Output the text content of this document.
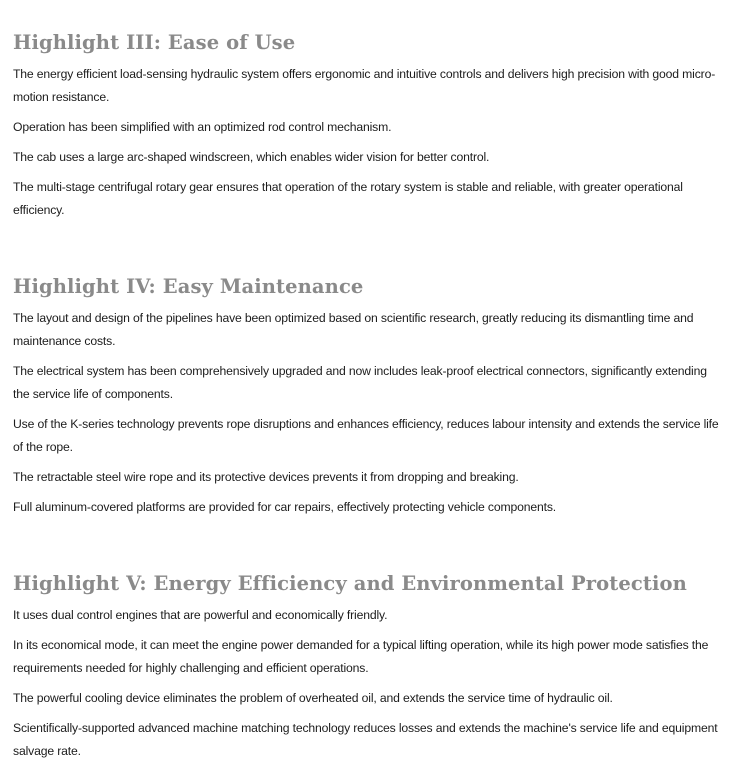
Highlight III: Ease of Use

The energy efficient load-sensing hydraulic system offers ergonomic and intuitive controls and delivers high precision with good micro-motion resistance.

Operation has been simplified with an optimized rod control mechanism.

The cab uses a large arc-shaped windscreen, which enables wider vision for better control.

The multi-stage centrifugal rotary gear ensures that operation of the rotary system is stable and reliable, with greater operational efficiency.

Highlight IV: Easy Maintenance

The layout and design of the pipelines have been optimized based on scientific research, greatly reducing its dismantling time and maintenance costs.

The electrical system has been comprehensively upgraded and now includes leak-proof electrical connectors, significantly extending the service life of components.

Use of the K-series technology prevents rope disruptions and enhances efficiency, reduces labour intensity and extends the service life of the rope.

The retractable steel wire rope and its protective devices prevents it from dropping and breaking.

Full aluminum-covered platforms are provided for car repairs, effectively protecting vehicle components.

Highlight V: Energy Efficiency and Environmental Protection

It uses dual control engines that are powerful and economically friendly.

In its economical mode, it can meet the engine power demanded for a typical lifting operation, while its high power mode satisfies the requirements needed for highly challenging and efficient operations.

The powerful cooling device eliminates the problem of overheated oil, and extends the service time of hydraulic oil.

Scientifically-supported advanced machine matching technology reduces losses and extends the machine's service life and equipment salvage rate.
